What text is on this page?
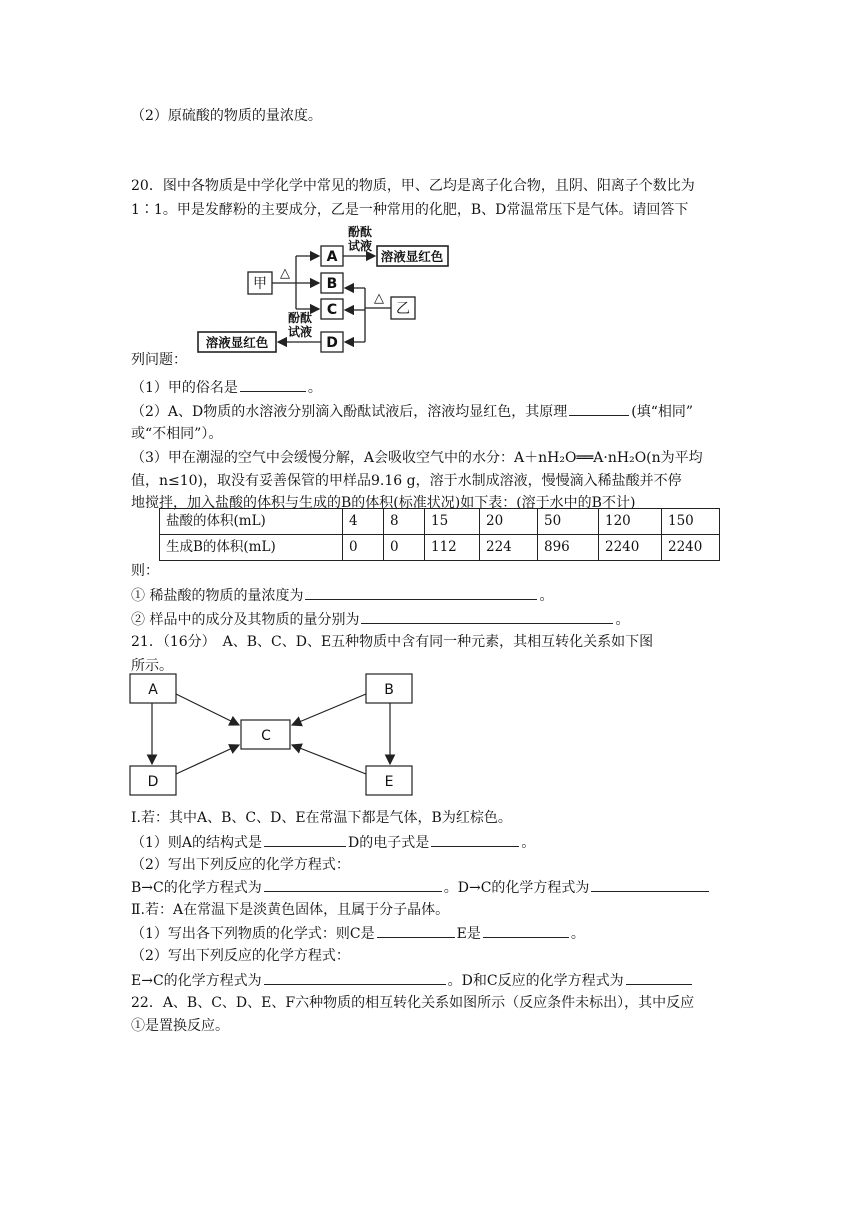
（2）原硫酸的物质的量浓度。
20．图中各物质是中学化学中常见的物质，甲、乙均是离子化合物，且阴、阳离子个数比为
1∶1。甲是发酵粉的主要成分，乙是一种常用的化肥，B、D常温常压下是气体。请回答下
甲
△
A
B
C
D
乙
△
酚酞
试液
酚酞
试液
溶液显红色
溶液显红色
列问题：
（1）甲的俗名是	。
（2）A、D物质的水溶液分别滴入酚酞试液后，溶液均显红色，其原理	(填“相同”
或“不相同”）。
（3）甲在潮湿的空气中会缓慢分解，A会吸收空气中的水分：A＋nH₂O══A·nH₂O(n为平均
值，n≤10)，取没有妥善保管的甲样品9.16 g，溶于水制成溶液，慢慢滴入稀盐酸并不停
地搅拌，加入盐酸的体积与生成的B的体积(标准状况)如下表：(溶于水中的B不计)
盐酸的体积(mL)	4	8	15	20	50	120	150
生成B的体积(mL)	0	0	112	224	896	2240	2240
则：
① 稀盐酸的物质的量浓度为	。
② 样品中的成分及其物质的量分别为	。
21．（16分）　A、B、C、D、E五种物质中含有同一种元素，其相互转化关系如下图
所示。
A	B
C
D	E
I.若：其中A、B、C、D、E在常温下都是气体，B为红棕色。
（1）则A的结构式是	D的电子式是	。
（2）写出下列反应的化学方程式：
B→C的化学方程式为	。D→C的化学方程式为
Ⅱ.若：A在常温下是淡黄色固体，且属于分子晶体。
（1）写出各下列物质的化学式：则C是	E是	。
（2）写出下列反应的化学方程式：
E→C的化学方程式为	。D和C反应的化学方程式为
22．A、B、C、D、E、F六种物质的相互转化关系如图所示（反应条件未标出），其中反应
①是置换反应。
